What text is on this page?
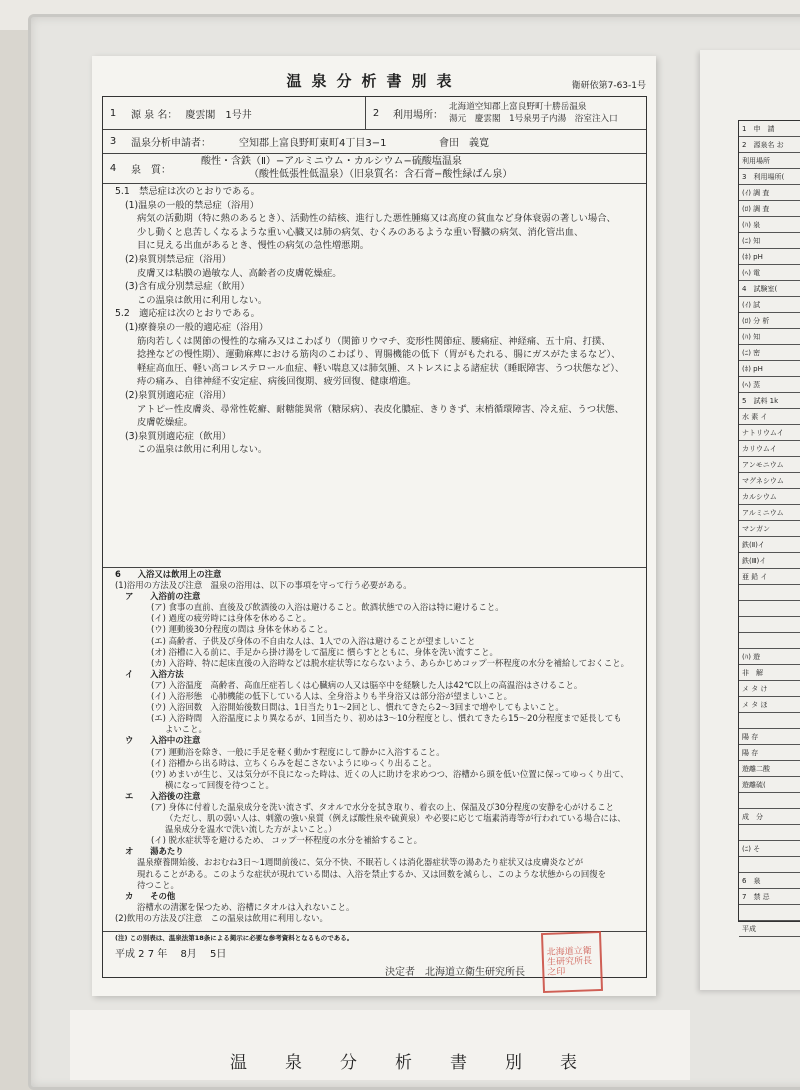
1　申　請
2　源泉名 お
利用場所
3　利用場所(
(ｲ) 調 査
(ﾛ) 調 査
(ﾊ) 泉
(ﾆ) 知
(ﾎ) pH
(ﾍ) 電
4　試験室(
(ｲ) 試
(ﾛ) 分 析
(ﾊ) 知
(ﾆ) 密
(ﾎ) pH
(ﾍ) 蒸
5　試料 1k
水 素 イ
ナトリウムイ
カリウムイ
アンモニウム
マグネシウム
カルシウム
アルミニウム
マンガン
鉄(Ⅱ)イ
鉄(Ⅲ)イ
亜 鉛 イ
(ﾊ) 遊
非　解
メ タ け
メ タ ほ
陽 存
陽 存
遊離二酸
遊離硫(
成　分
(ﾆ) そ
6　泉
7　禁 忌
平成
温泉分析書別表	衛研依第7-63-1号
1	源 泉 名： 慶雲閣　1号井	2	利用場所：
北海道空知郡上富良野町十勝岳温泉
湯元　慶雲閣　1号泉男子内湯　浴室注入口
3	温泉分析申請者：	空知郡上富良野町東町4丁目3−1	會田　義寛
4	泉　質：
酸性・含鉄（Ⅱ）−アルミニウム・カルシウム−硫酸塩温泉
（酸性低張性低温泉）（旧泉質名：含石膏−酸性緑ばん泉）

5.1　禁忌症は次のとおりである。

(1)温泉の一般的禁忌症（浴用）

病気の活動期（特に熱のあるとき）、活動性の結核、進行した悪性腫瘍又は高度の貧血など身体衰弱の著しい場合、

少し動くと息苦しくなるような重い心臓又は肺の病気、むくみのあるような重い腎臓の病気、消化管出血、

目に見える出血があるとき、慢性の病気の急性増悪期。

(2)泉質別禁忌症（浴用）

皮膚又は粘膜の過敏な人、高齢者の皮膚乾燥症。

(3)含有成分別禁忌症（飲用）

この温泉は飲用に利用しない。

5.2　適応症は次のとおりである。

(1)療養泉の一般的適応症（浴用）

筋肉若しくは関節の慢性的な痛み又はこわばり（関節リウマチ、変形性関節症、腰痛症、神経痛、五十肩、打撲、

捻挫などの慢性期）、運動麻痺における筋肉のこわばり、胃腸機能の低下（胃がもたれる、腸にガスがたまるなど）、

軽症高血圧、軽い高コレステロール血症、軽い喘息又は肺気腫、ストレスによる諸症状（睡眠障害、うつ状態など）、

痔の痛み、自律神経不安定症、病後回復期、疲労回復、健康増進。

(2)泉質別適応症（浴用）

アトピー性皮膚炎、尋常性乾癬、耐糖能異常（糖尿病）、表皮化膿症、きりきず、末梢循環障害、冷え症、うつ状態、

皮膚乾燥症。

(3)泉質別適応症（飲用）

この温泉は飲用に利用しない。

6　　入浴又は飲用上の注意

(1)浴用の方法及び注意　温泉の浴用は、以下の事項を守って行う必要がある。

ア　　入浴前の注意

(ア) 食事の直前、直後及び飲酒後の入浴は避けること。飲酒状態での入浴は特に避けること。

(イ) 過度の疲労時には身体を休めること。

(ウ) 運動後30分程度の間は 身体を休めること。

(エ) 高齢者、子供及び身体の不自由な人は、1人での入浴は避けることが望ましいこと

(オ) 浴槽に入る前に、手足から掛け湯をして温度に 慣らすとともに、身体を洗い流すこと。

(カ) 入浴時、特に起床直後の入浴時などは脱水症状等にならないよう、あらかじめコップ一杯程度の水分を補給しておくこと。

イ　　入浴方法

(ア) 入浴温度　高齢者、高血圧症若しくは心臓病の人又は脳卒中を経験した人は42℃以上の高温浴はさけること。

(イ) 入浴形態　心肺機能の低下している人は、全身浴よりも半身浴又は部分浴が望ましいこと。

(ウ) 入浴回数　入浴開始後数日間は、1日当たり1〜2回とし、慣れてきたら2〜3回まで増やしてもよいこと。

(エ) 入浴時間　入浴温度により異なるが、1回当たり、初めは3〜10分程度とし、慣れてきたら15〜20分程度まで延長しても

よいこと。

ウ　　入浴中の注意

(ア) 運動浴を除き、一般に手足を軽く動かす程度にして静かに入浴すること。

(イ) 浴槽から出る時は、立ちくらみを起こさないようにゆっくり出ること。

(ウ) めまいが生じ、又は気分が不良になった時は、近くの人に助けを求めつつ、浴槽から頭を低い位置に保ってゆっくり出て、

横になって回復を待つこと。

エ　　入浴後の注意

(ア) 身体に付着した温泉成分を洗い流さず、タオルで水分を拭き取り、着衣の上、保温及び30分程度の安静を心がけること

（ただし、肌の弱い人は、刺激の強い泉質（例えば酸性泉や硫黄泉）や必要に応じて塩素消毒等が行われている場合には、

温泉成分を温水で洗い流した方がよいこと。）

(イ) 脱水症状等を避けるため、 コップ一杯程度の水分を補給すること。

オ　　湯あたり

温泉療養開始後、おおむね3日〜1週間前後に、気分不快、不眠若しくは消化器症状等の湯あたり症状又は皮膚炎などが

現れることがある。このような症状が現れている間は、入浴を禁止するか、又は回数を減らし、このような状態からの回復を

待つこと。

カ　　その他

浴槽水の清潔を保つため、浴槽にタオルは入れないこと。

(2)飲用の方法及び注意　この温泉は飲用に利用しない。

(注) この別表は、温泉法第18条による掲示に必要な参考資料となるものである。

平成 2 7 年　 8月　 5日

決定者　北海道立衛生研究所長

北海道立衛生研究所長之印
温泉分析書別表
